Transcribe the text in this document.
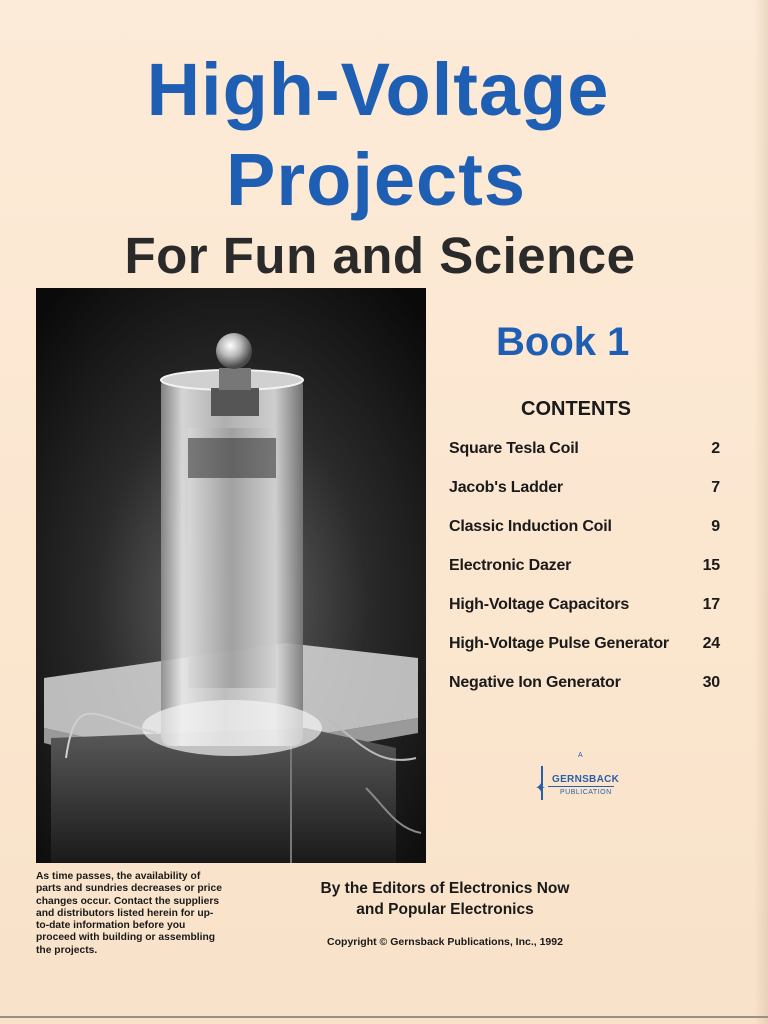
High-Voltage
Projects
For Fun and Science
Book 1
CONTENTS
Square Tesla Coil	2
Jacob's Ladder	7
Classic Induction Coil	9
Electronic Dazer	15
High-Voltage Capacitors	17
High-Voltage Pulse Generator 24
Negative Ion Generator	30
A
✦
GERNSBACK
PUBLICATION
As time passes, the availability of parts and sundries decreases or price changes occur. Contact the suppliers and distributors listed herein for up-to-date information before you proceed with building or assembling the projects.
By the Editors of Electronics Now
and Popular Electronics
Copyright © Gernsback Publications, Inc., 1992
